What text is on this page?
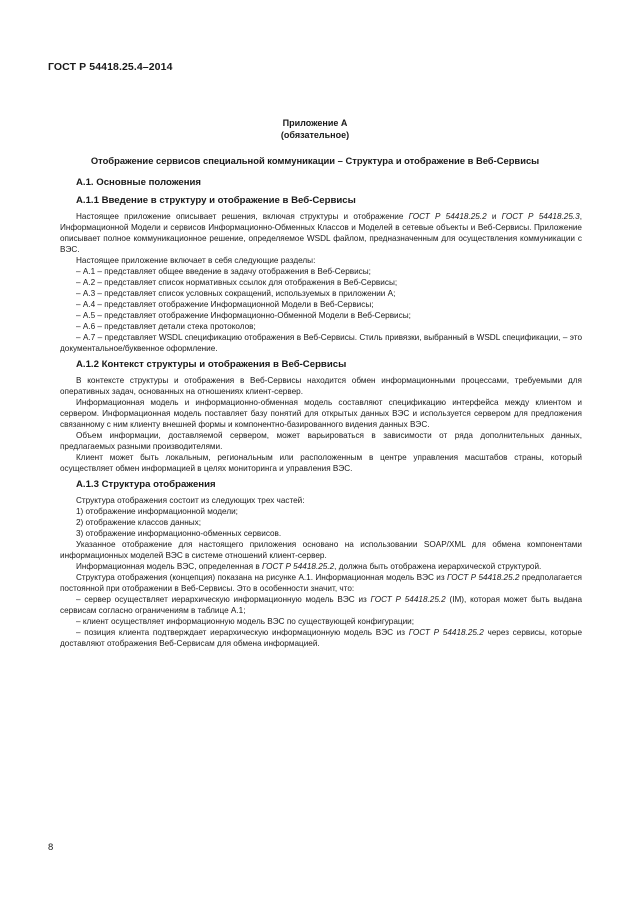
ГОСТ Р 54418.25.4–2014
Приложение А
(обязательное)
Отображение сервисов специальной коммуникации – Структура и отображение в Веб-Сервисы
А.1. Основные положения
А.1.1 Введение в структуру и отображение в Веб-Сервисы

Настоящее приложение описывает решения, включая структуры и отображение ГОСТ Р 54418.25.2 и ГОСТ Р 54418.25.3, Информационной Модели и сервисов Информационно-Обменных Классов и Моделей в сетевые объекты и Веб-Сервисы. Приложение описывает полное коммуникационное решение, определяемое WSDL файлом, предназначенным для осуществления коммуникации с ВЭС.

Настоящее приложение включает в себя следующие разделы:

– А.1 – представляет общее введение в задачу отображения в Веб-Сервисы;

– А.2 – представляет список нормативных ссылок для отображения в Веб-Сервисы;

– А.3 – представляет список условных сокращений, используемых в приложении А;

– А.4 – представляет отображение Информационной Модели в Веб-Сервисы;

– А.5 – представляет отображение Информационно-Обменной Модели в Веб-Сервисы;

– А.6 – представляет детали стека протоколов;

– А.7 – представляет WSDL спецификацию отображения в Веб-Сервисы. Стиль привязки, выбранный в WSDL спецификации, – это документальное/буквенное оформление.

А.1.2 Контекст структуры и отображения в Веб-Сервисы

В контексте структуры и отображения в Веб-Сервисы находится обмен информационными процессами, требуемыми для оперативных задач, основанных на отношениях клиент-сервер.

Информационная модель и информационно-обменная модель составляют спецификацию интерфейса между клиентом и сервером. Информационная модель поставляет базу понятий для открытых данных ВЭС и используется сервером для предложения связанному с ним клиенту внешней формы и компонентно-базированного видения данных ВЭС.

Объем информации, доставляемой сервером, может варьироваться в зависимости от ряда дополнительных данных, предлагаемых разными производителями.

Клиент может быть локальным, региональным или расположенным в центре управления масштабов страны, который осуществляет обмен информацией в целях мониторинга и управления ВЭС.

А.1.3 Структура отображения

Структура отображения состоит из следующих трех частей:

1) отображение информационной модели;

2) отображение классов данных;

3) отображение информационно-обменных сервисов.

Указанное отображение для настоящего приложения основано на использовании SOAP/XML для обмена компонентами информационных моделей ВЭС в системе отношений клиент-сервер.

Информационная модель ВЭС, определенная в ГОСТ Р 54418.25.2, должна быть отображена иерархической структурой.

Структура отображения (концепция) показана на рисунке А.1. Информационная модель ВЭС из ГОСТ Р 54418.25.2 предполагается постоянной при отображении в Веб-Сервисы. Это в особенности значит, что:

– сервер осуществляет иерархическую информационную модель ВЭС из ГОСТ Р 54418.25.2 (IM), которая может быть выдана сервисам согласно ограничениям в таблице А.1;

– клиент осуществляет информационную модель ВЭС по существующей конфигурации;

– позиция клиента подтверждает иерархическую информационную модель ВЭС из ГОСТ Р 54418.25.2 через сервисы, которые доставляют отображения Веб-Сервисам для обмена информацией.

8
